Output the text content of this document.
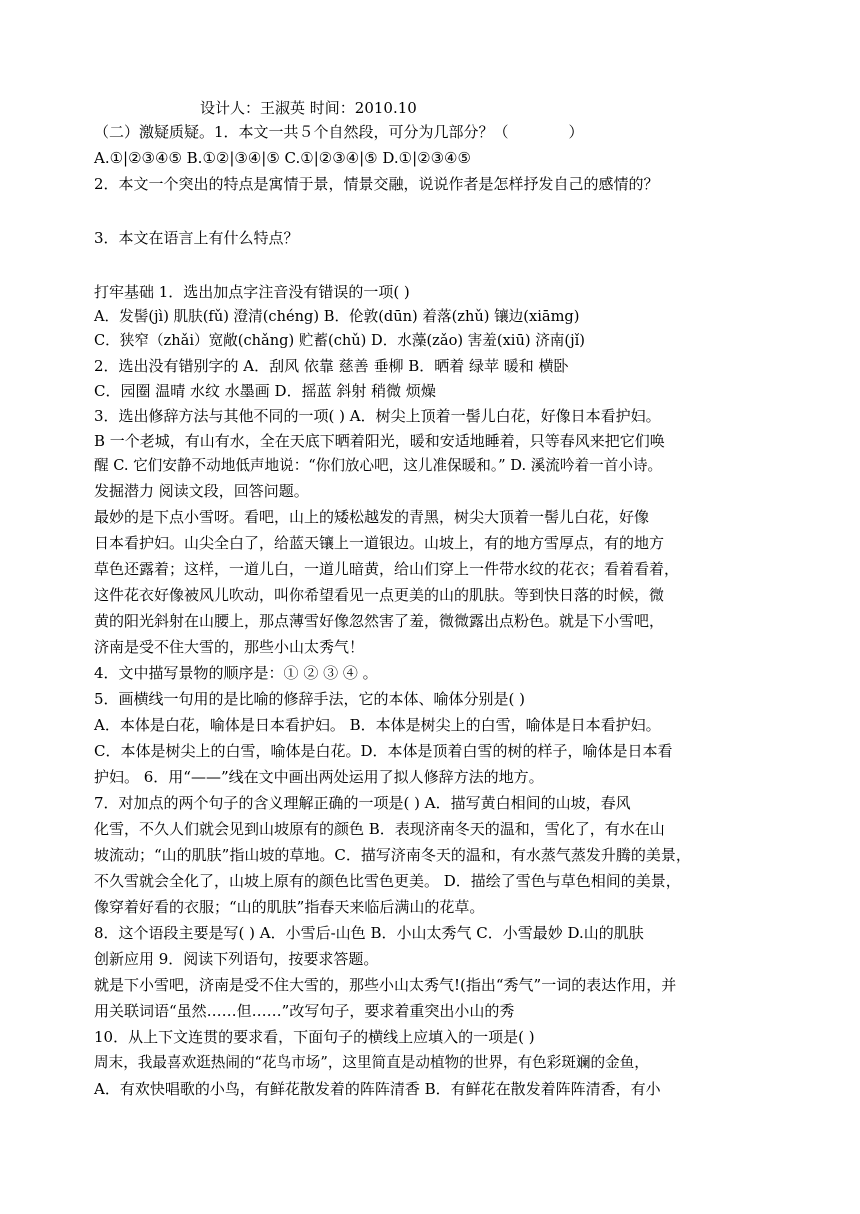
设计人：王淑英 时间：2010.10
（二）激疑质疑。1．本文一共５个自然段，可分为几部分？（　　　　）
A.①|②③④⑤ B.①②|③④|⑤ C.①|②③④|⑤ D.①|②③④⑤
2．本文一个突出的特点是寓情于景，情景交融，说说作者是怎样抒发自己的感情的？
3．本文在语言上有什么特点？
打牢基础 1．选出加点字注音没有错误的一项( )
A．发髻(jì) 肌肤(fǔ) 澄清(chéng) B．伦敦(dūn) 着落(zhǔ) 镶边(xiāmg)
C．狭窄（zhǎi）宽敞(chǎng) 贮蓄(chǔ) D．水藻(zǎo) 害羞(xiū) 济南(jǐ)
2．选出没有错别字的 A．刮风 依靠 慈善 垂柳 B．晒着 绿苹 暖和 横卧
C．园圈 温晴 水纹 水墨画 D．摇蓝 斜射 稍微 烦燥
3．选出修辞方法与其他不同的一项( ) A．树尖上顶着一髻儿白花，好像日本看护妇。
B 一个老城，有山有水，全在天底下晒着阳光，暖和安适地睡着，只等春风来把它们唤
醒 C. 它们安静不动地低声地说：“你们放心吧，这儿准保暖和。” D. 溪流吟着一首小诗。
发掘潜力 阅读文段，回答问题。
最妙的是下点小雪呀。看吧，山上的矮松越发的青黑，树尖大顶着一髻儿白花，好像
日本看护妇。山尖全白了，给蓝天镶上一道银边。山坡上，有的地方雪厚点，有的地方
草色还露着；这样，一道儿白，一道儿暗黄，给山们穿上一件带水纹的花衣；看着看着，
这件花衣好像被风儿吹动，叫你希望看见一点更美的山的肌肤。等到快日落的时候，微
黄的阳光斜射在山腰上，那点薄雪好像忽然害了羞，微微露出点粉色。就是下小雪吧，
济南是受不住大雪的，那些小山太秀气！
4．文中描写景物的顺序是：① ② ③ ④ 。
5．画横线一句用的是比喻的修辞手法，它的本体、喻体分别是( )
A．本体是白花，喻体是日本看护妇。 B．本体是树尖上的白雪，喻体是日本看护妇。
C．本体是树尖上的白雪，喻体是白花。D．本体是顶着白雪的树的样子，喻体是日本看
护妇。 6．用“——”线在文中画出两处运用了拟人修辞方法的地方。
7．对加点的两个句子的含义理解正确的一项是( ) A．描写黄白相间的山坡，春风
化雪，不久人们就会见到山坡原有的颜色 B．表现济南冬天的温和，雪化了，有水在山
坡流动；“山的肌肤”指山坡的草地。C．描写济南冬天的温和，有水蒸气蒸发升腾的美景，
不久雪就会全化了，山坡上原有的颜色比雪色更美。 D．描绘了雪色与草色相间的美景，
像穿着好看的衣服；“山的肌肤”指春天来临后满山的花草。
8．这个语段主要是写( ) A．小雪后-山色 B．小山太秀气 C．小雪最妙 D.山的肌肤
创新应用 9．阅读下列语句，按要求答题。
就是下小雪吧，济南是受不住大雪的，那些小山太秀气!(指出“秀气”一词的表达作用，并
用关联词语“虽然……但……”改写句子，要求着重突出小山的秀
10．从上下文连贯的要求看，下面句子的横线上应填入的一项是( )
周末，我最喜欢逛热闹的“花鸟市场”，这里简直是动植物的世界，有色彩斑斓的金鱼，
A．有欢快唱歌的小鸟，有鲜花散发着的阵阵清香 B．有鲜花在散发着阵阵清香，有小
